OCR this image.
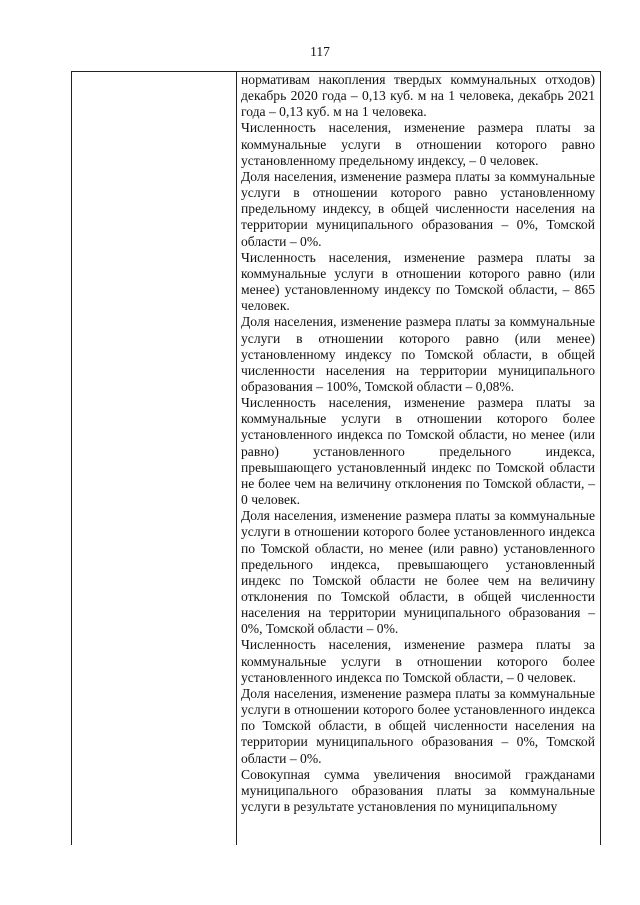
117

нормативам накопления твердых коммунальных отходов) декабрь 2020 года – 0,13 куб. м на 1 человека, декабрь 2021 года – 0,13 куб. м на 1 человека.

Численность населения, изменение размера платы за коммунальные услуги в отношении которого равно установленному предельному индексу, – 0 человек.

Доля населения, изменение размера платы за коммунальные услуги в отношении которого равно установленному предельному индексу, в общей численности населения на территории муниципального образования – 0%, Томской области – 0%.

Численность населения, изменение размера платы за коммунальные услуги в отношении которого равно (или менее) установленному индексу по Томской области, – 865 человек.

Доля населения, изменение размера платы за коммунальные услуги в отношении которого равно (или менее) установленному индексу по Томской области, в общей численности населения на территории муниципального образования – 100%, Томской области – 0,08%.

Численность населения, изменение размера платы за коммунальные услуги в отношении которого более установленного индекса по Томской области, но менее (или равно) установленного предельного индекса, превышающего установленный индекс по Томской области не более чем на величину отклонения по Томской области, – 0 человек.

Доля населения, изменение размера платы за коммунальные услуги в отношении которого более установленного индекса по Томской области, но менее (или равно) установленного предельного индекса, превышающего установленный индекс по Томской области не более чем на величину отклонения по Томской области, в общей численности населения на территории муниципального образования – 0%, Томской области – 0%.

Численность населения, изменение размера платы за коммунальные услуги в отношении которого более установленного индекса по Томской области, – 0 человек.

Доля населения, изменение размера платы за коммунальные услуги в отношении которого более установленного индекса по Томской области, в общей численности населения на территории муниципального образования – 0%, Томской области – 0%.

Совокупная сумма увеличения вносимой гражданами муниципального образования платы за коммунальные услуги в результате установления по муниципальному
